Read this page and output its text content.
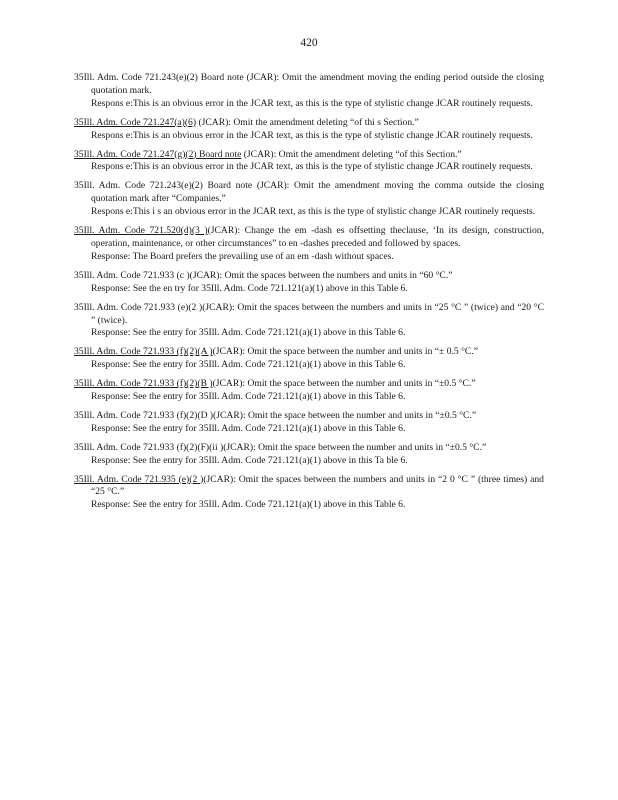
420
35Ill. Adm. Code 721.243(e)(2) Board note (JCAR): Omit the amendment moving the ending period outside the closing quotation mark.
Respons e:This is an obvious error in the JCAR text, as this is the type of stylistic change JCAR routinely requests.
35Ill. Adm. Code 721.247(a)(6) (JCAR): Omit the amendment deleting “of thi s Section.”
Respons e:This is an obvious error in the JCAR text, as this is the type of stylistic change JCAR routinely requests.
35Ill. Adm. Code 721.247(g)(2) Board note (JCAR): Omit the amendment deleting “of this Section.”
Respons e:This is an obvious error in the JCAR text, as this is the type of stylistic change JCAR routinely requests.
35Ill. Adm. Code 721.243(e)(2) Board note (JCAR): Omit the amendment moving the comma outside the closing quotation mark after “Companies.”
Respons e:This i s an obvious error in the JCAR text, as this is the type of stylistic change JCAR routinely requests.
35Ill. Adm. Code 721.520(d)(3 )(JCAR): Change the em -dash es offsetting theclause, ‘In its design, construction, operation, maintenance, or other circumstances” to en -dashes preceded and followed by spaces.
Response: The Board prefers the prevailing use of an em -dash without spaces.
35Ill. Adm. Code 721.933 (c )(JCAR): Omit the spaces between the numbers and units in “60 °C.”
Response: See the en try for 35Ill. Adm. Code 721.121(a)(1) above in this Table 6.
35Ill. Adm. Code 721.933 (e)(2 )(JCAR): Omit the spaces between the numbers and units in “25 °C ” (twice) and “20 °C ” (twice).
Response: See the entry for 35Ill. Adm. Code 721.121(a)(1) above in this Table 6.
35Ill. Adm. Code 721.933 (f)(2)(A )(JCAR): Omit the space between the number and units in “± 0.5 °C.”
Response: See the entry for 35Ill. Adm. Code 721.121(a)(1) above in this Table 6.
35Ill. Adm. Code 721.933 (f)(2)(B )(JCAR): Omit the space between the number and units in “±0.5 °C.”
Response: See the entry for 35Ill. Adm. Code 721.121(a)(1) above in this Table 6.
35Ill. Adm. Code 721.933 (f)(2)(D )(JCAR): Omit the space between the number and units in “±0.5 °C.”
Response: See the entry for 35Ill. Adm. Code 721.121(a)(1) above in this Table 6.
35Ill. Adm. Code 721.933 (f)(2)(F)(ii )(JCAR): Omit the space between the number and units in “±0.5 °C.”
Response: See the entry for 35Ill. Adm. Code 721.121(a)(1) above in this Ta ble 6.
35Ill. Adm. Code 721.935 (e)(2 )(JCAR): Omit the spaces between the numbers and units in “2 0 °C ” (three times) and “25 °C.”
Response: See the entry for 35Ill. Adm. Code 721.121(a)(1) above in this Table 6.
